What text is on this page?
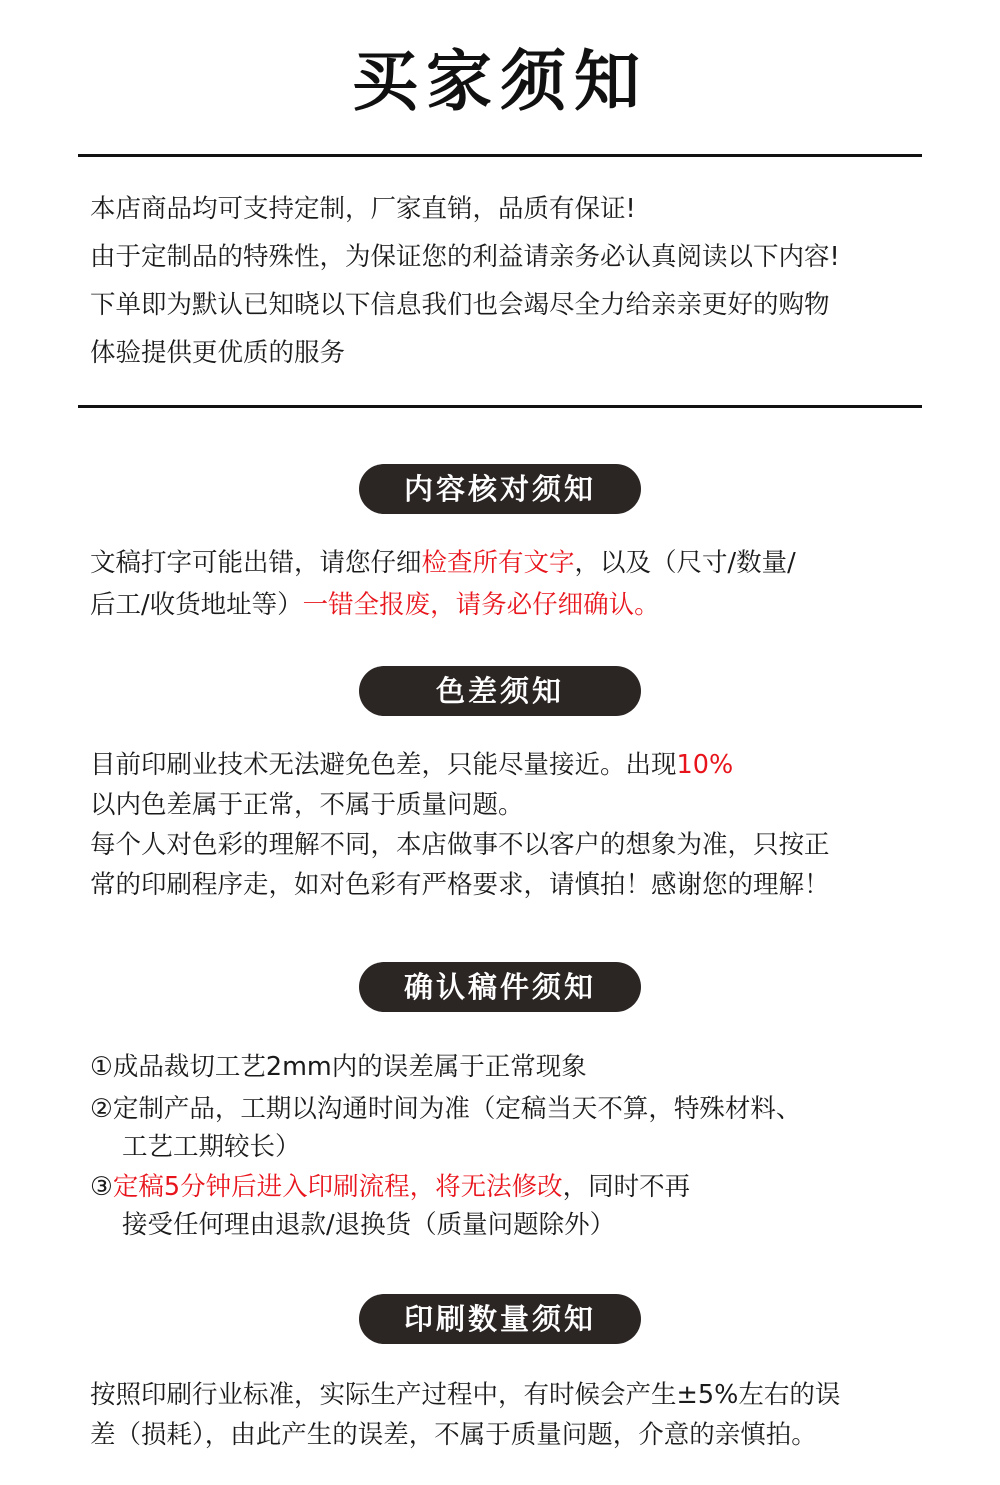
买家须知
本店商品均可支持定制，厂家直销，品质有保证!
由于定制品的特殊性，为保证您的利益请亲务必认真阅读以下内容!
下单即为默认已知晓以下信息我们也会竭尽全力给亲亲更好的购物
体验提供更优质的服务
内容核对须知
文稿打字可能出错，请您仔细检查所有文字，以及（尺寸/数量/
后工/收货地址等）一错全报废，请务必仔细确认。
色差须知
目前印刷业技术无法避免色差，只能尽量接近。出现10%
以内色差属于正常，不属于质量问题。
每个人对色彩的理解不同，本店做事不以客户的想象为准，只按正
常的印刷程序走，如对色彩有严格要求，请慎拍！感谢您的理解！
确认稿件须知
①成品裁切工艺2mm内的误差属于正常现象
②定制产品，工期以沟通时间为准（定稿当天不算，特殊材料、
工艺工期较长）
③定稿5分钟后进入印刷流程，将无法修改，同时不再
接受任何理由退款/退换货（质量问题除外）
印刷数量须知
按照印刷行业标准，实际生产过程中，有时候会产生±5%左右的误
差（损耗），由此产生的误差，不属于质量问题，介意的亲慎拍。
